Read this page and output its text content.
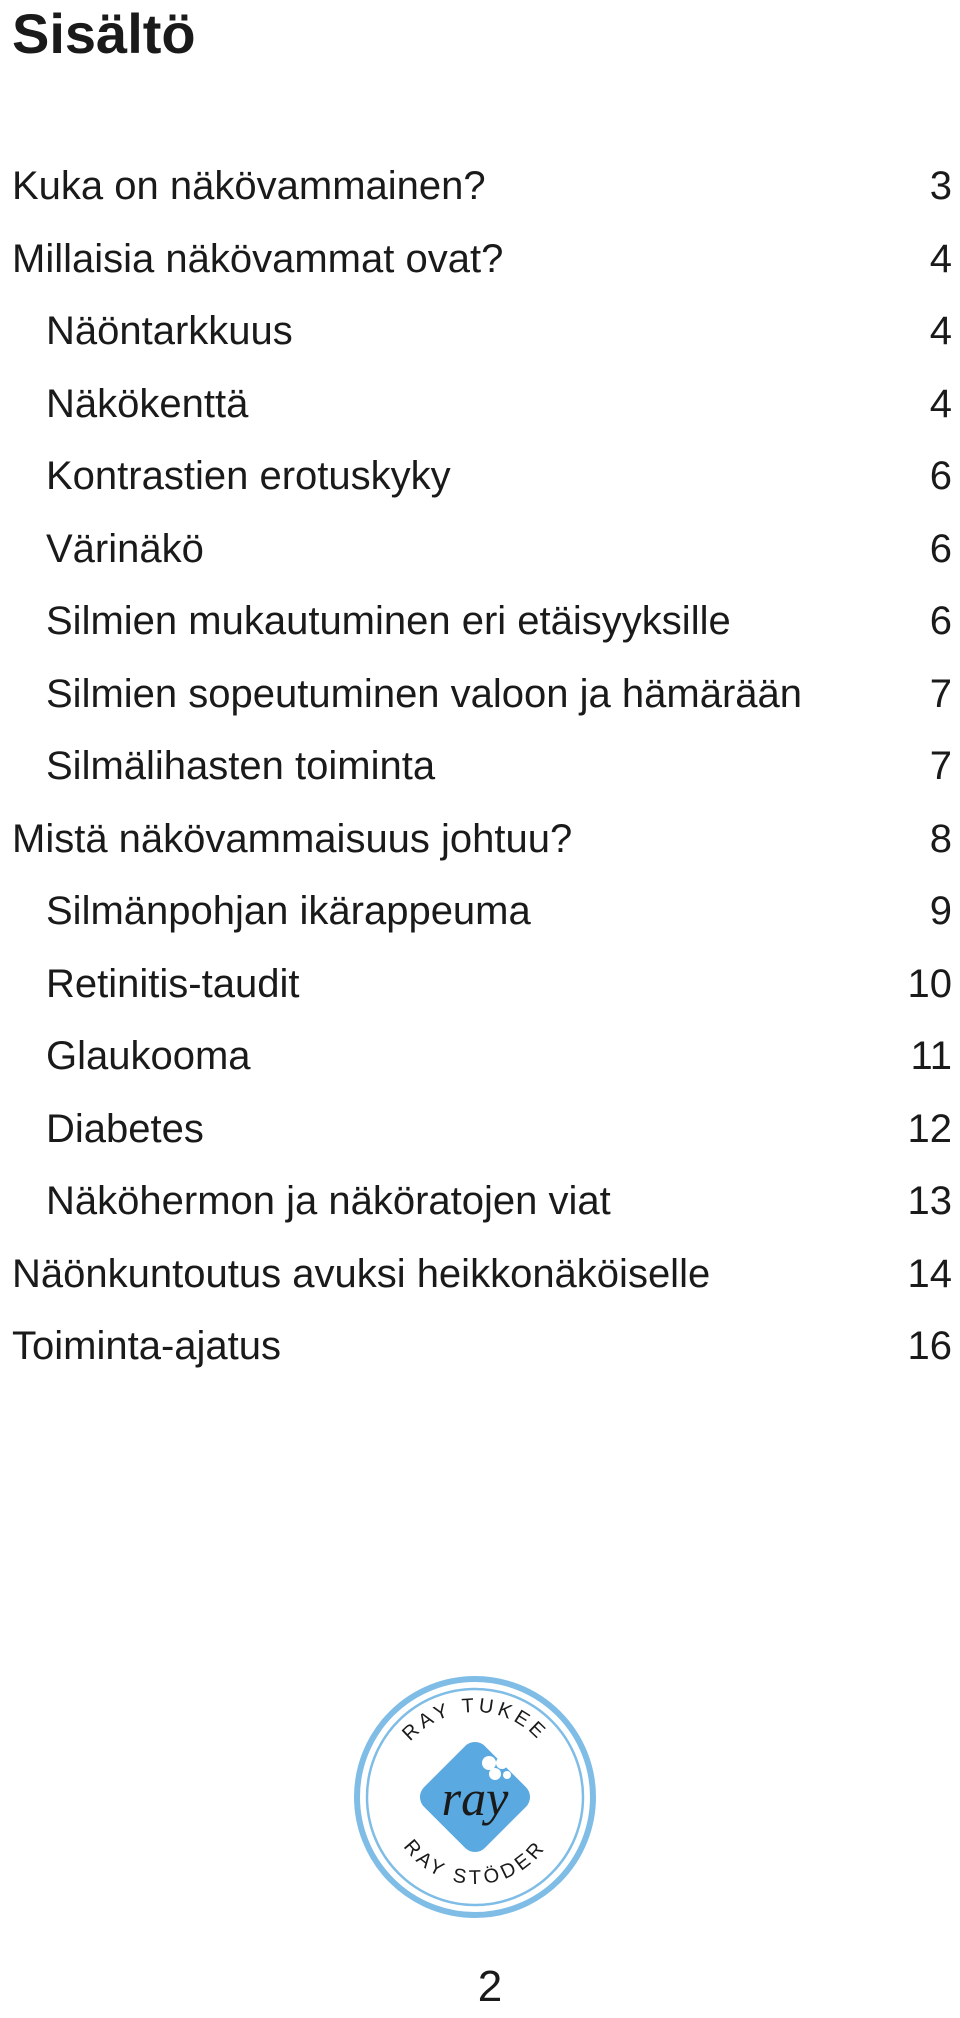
Sisältö
Kuka on näkövammainen?	3
Millaisia näkövammat ovat?	4
Näöntarkkuus	4
Näkökenttä	4
Kontrastien erotuskyky	6
Värinäkö	6
Silmien mukautuminen eri etäisyyksille	6
Silmien sopeutuminen valoon ja hämärään	7
Silmälihasten toiminta	7
Mistä näkövammaisuus johtuu?	8
Silmänpohjan ikärappeuma	9
Retinitis-taudit	10
Glaukooma	11
Diabetes	12
Näköhermon ja näköratojen viat	13
Näönkuntoutus avuksi heikkonäköiselle	14
Toiminta-ajatus	16
RAY TUKEE
RAY STÖDER
ray
2
